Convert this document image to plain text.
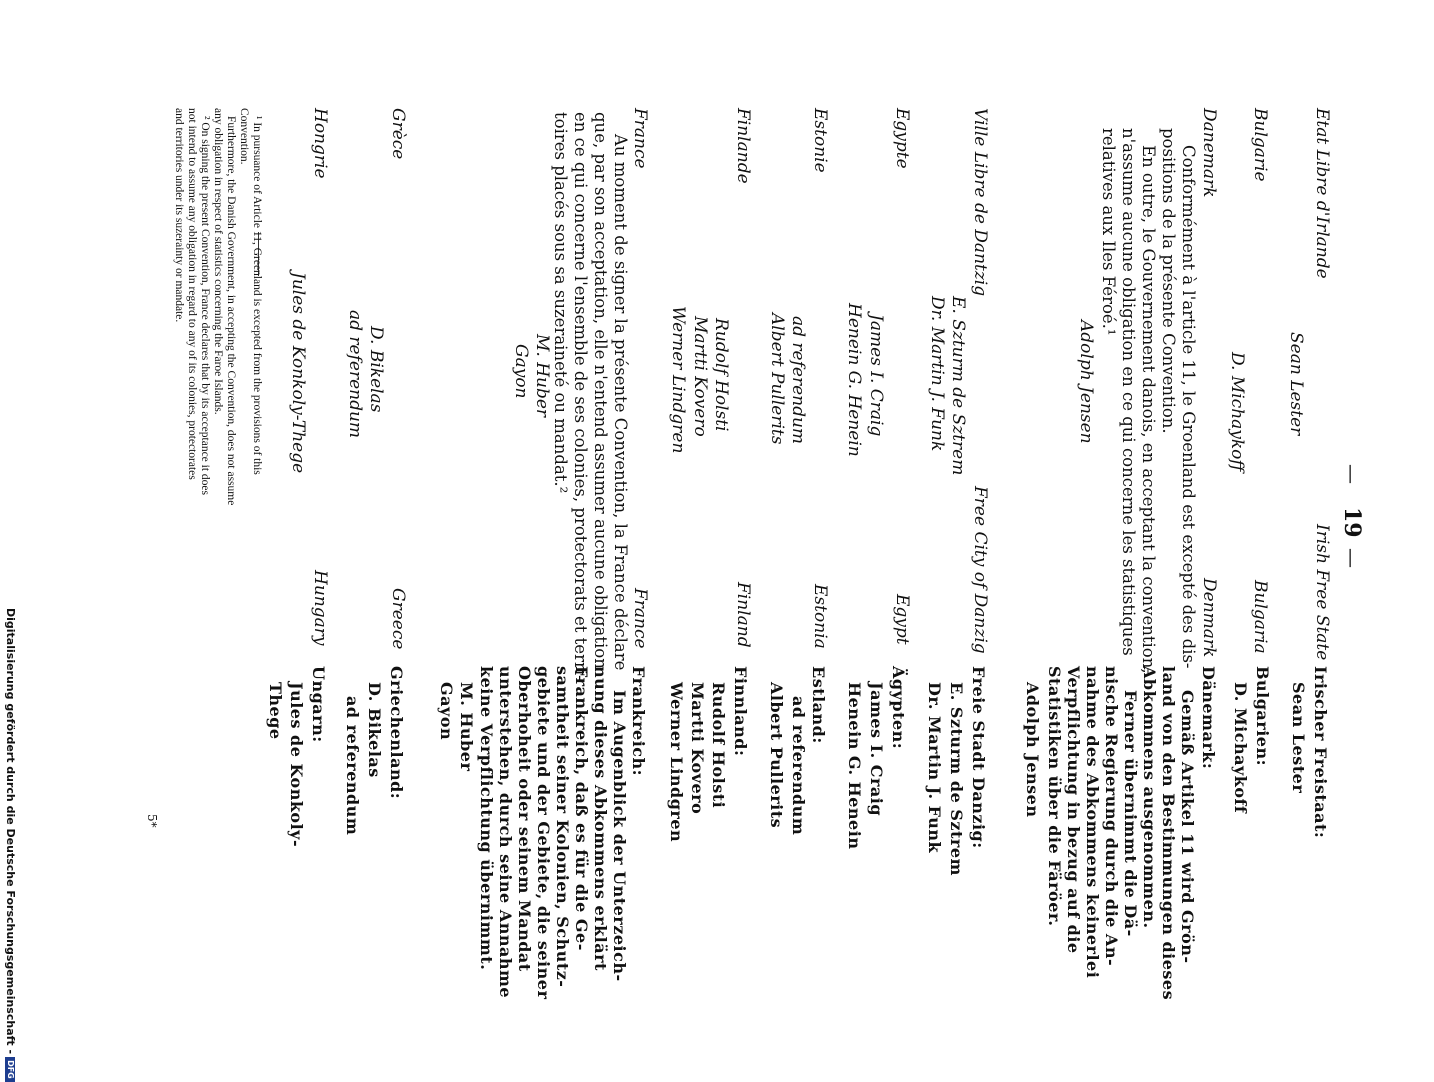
—
19
—
Etat Libre d'Irlande
Sean Lester
Bulgarie
D. Michaykoff
Danemark
Conformément à l'article 11, le Groenland est excepté des dis-
positions de la présente Convention.
En outre, le Gouvernement danois, en acceptant la convention,
n'assume aucune obligation en ce qui concerne les statistiques
relatives aux Iles Féroé.¹
Adolph Jensen
Ville Libre de Dantzig
E. Szturm de Sztrem
Dr. Martin J. Funk
Egypte
James I. Craig
Henein G. Henein
Estonie
ad referendum
Albert Pullerits
Finlande
Rudolf Holsti
Martti Kovero
Werner Lindgren
France
Au moment de signer la présente Convention, la France déclare
que, par son acceptation, elle n'entend assumer aucune obligation
en ce qui concerne l'ensemble de ses colonies, protectorats et terri-
toires placés sous sa suzeraineté ou mandat.²
M. Huber
Gayon
Grèce
D. Bikelas
ad referendum
Hongrie
Jules de Konkoly-Thege
¹ In pursuance of Article 11, Greenland is excepted from the provisions of this
Convention.
Furthermore, the Danish Government, in accepting the Convention, does not assume
any obligation in respect of statistics concerning the Faroe Islands.
² On signing the present Convention, France declares that by its acceptance it does
not intend to assume any obligation in regard to any of its colonies, protectorates
and territories under its suzerainty or mandate.
Irish Free State
Bulgaria
Denmark
Free City of Danzig
Egypt
Estonia
Finland
France
Greece
Hungary
Irischer Freistaat:
Sean Lester
Bulgarien:
D. Michaykoff
Dänemark:
Gemäß Artikel 11 wird Grön-
land von den Bestimmungen dieses
Abkommens ausgenommen.
Ferner übernimmt die Dä-
nische Regierung durch die An-
nahme des Abkommens keinerlei
Verpflichtung in bezug auf die
Statistiken über die Färöer.
Adolph Jensen
Freie Stadt Danzig:
E. Szturm de Sztrem
Dr. Martin J. Funk
Ägypten:
James I. Craig
Henein G. Henein
Estland:
ad referendum
Albert Pullerits
Finnland:
Rudolf Holsti
Martti Kovero
Werner Lindgren
Frankreich:
Im Augenblick der Unterzeich-
nung dieses Abkommens erklärt
Frankreich, daß es für die Ge-
samtheit seiner Kolonien, Schutz-
gebiete und der Gebiete, die seiner
Oberhoheit oder seinem Mandat
unterstehen, durch seine Annahme
keine Verpflichtung übernimmt.
M. Huber
Gayon
Griechenland:
D. Bikelas
ad referendum
Ungarn:
Jules de Konkoly-
Thege
5*
Digitalisierung gefördert durch die Deutsche Forschungsgemeinschaft -DFG
